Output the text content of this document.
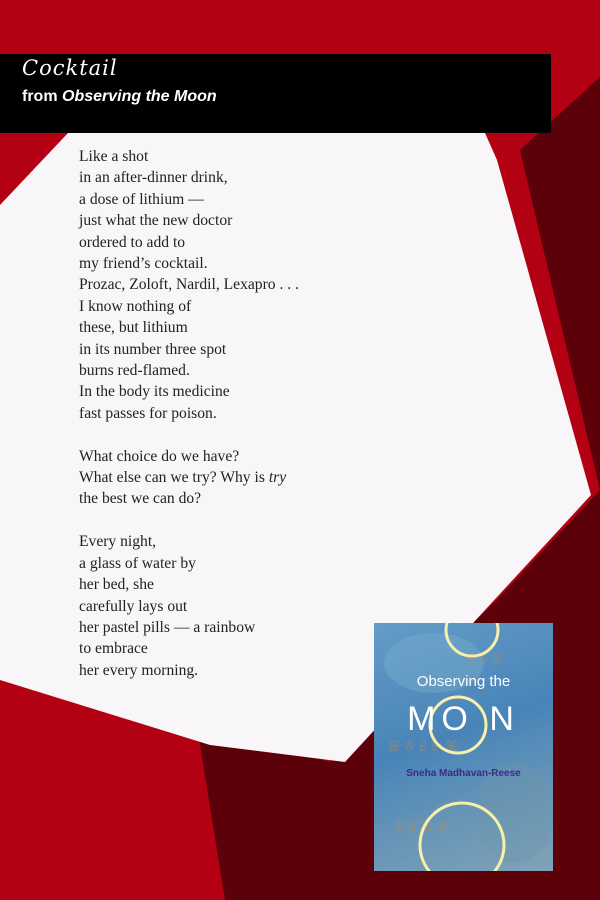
Cocktail
from Observing the Moon
Like a shot
in an after-dinner drink,
a dose of lithium —
just what the new doctor
ordered to add to
my friend’s cocktail.
Prozac, Zoloft, Nardil, Lexapro . . .
I know nothing of
these, but lithium
in its number three spot
burns red-flamed.
In the body its medicine
fast passes for poison.
What choice do we have?
What else can we try? Why is try
the best we can do?
Every night,
a glass of water by
her bed, she
carefully lays out
her pastel pills — a rainbow
to embrace
her every morning.
ꕤ ꔮ ꕗ ꔭ ꕤ
ꔮ ꕗ ꕤ ꔭ
ꕗ ꔮ ꕤ
Observing the
MO N
Sneha Madhavan-Reese
